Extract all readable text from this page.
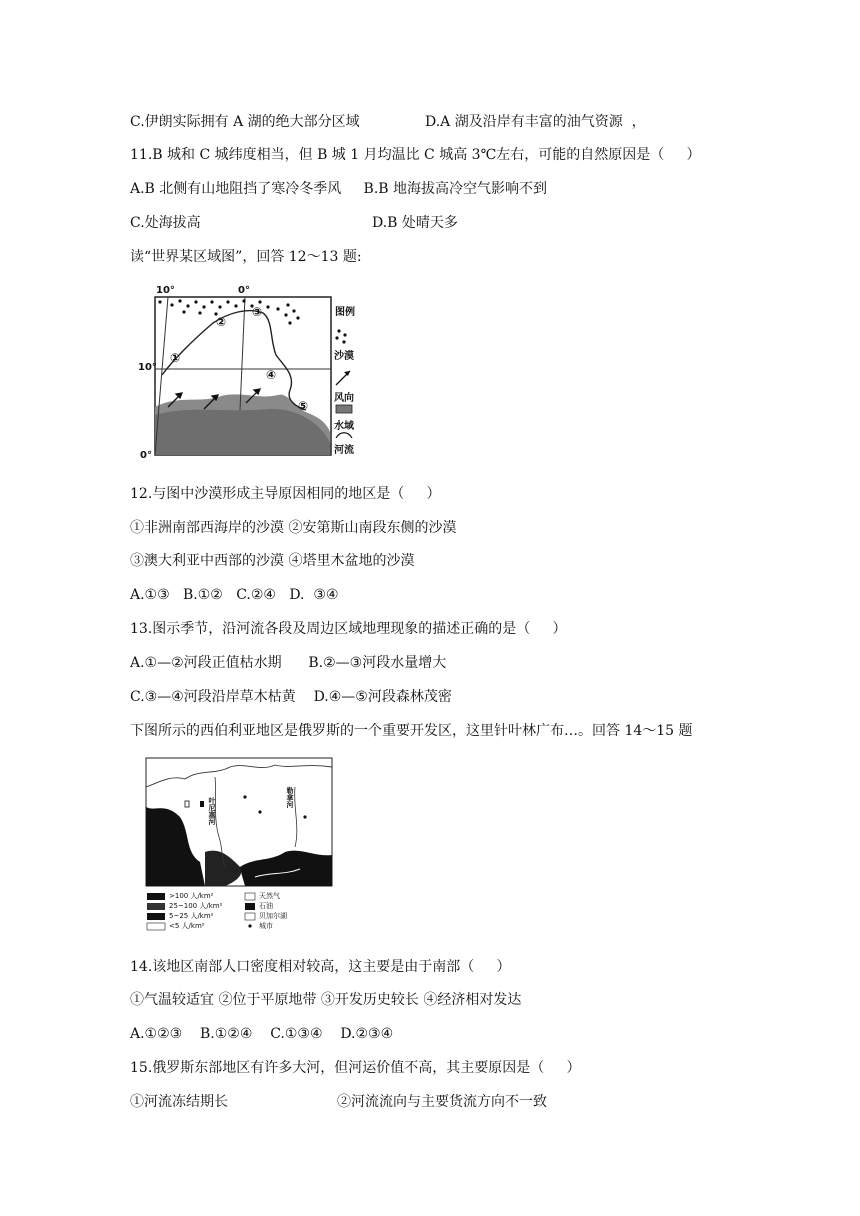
C.伊朗实际拥有 A 湖的绝大部分区域	D.A 湖及沿岸有丰富的油气资源  ，
11.B 城和 C 城纬度相当，但 B 城 1 月均温比 C 城高 3℃左右，可能的自然原因是（     ）
A.B 北侧有山地阻挡了寒冷冬季风     B.B 地海拔高冷空气影响不到
C.处海拔高	D.B 处晴天多
读“世界某区域图”，回答 12～13 题:
10°	0°
10°
0°
①
②
③
④
⑤
图例
沙漠
风向
水域
河流
12.与图中沙漠形成主导原因相同的地区是（     ）
①非洲南部西海岸的沙漠 ②安第斯山南段东侧的沙漠
③澳大利亚中西部的沙漠 ④塔里木盆地的沙漠
A.①③   B.①②   C.②④   D.  ③④
13.图示季节，沿河流各段及周边区域地理现象的描述正确的是（     ）
A.①—②河段正值枯水期      B.②—③河段水量增大
C.③—④河段沿岸草木枯黄    D.④—⑤河段森林茂密
下图所示的西伯利亚地区是俄罗斯的一个重要开发区，这里针叶林广布…。回答 14～15 题
叶尼塞河	勒拿河
>100 人/km²
25~100 人/km²
5~25 人/km²
<5 人/km²
天然气
石油
贝加尔湖
城市
14.该地区南部人口密度相对较高，这主要是由于南部（     ）
①气温较适宜 ②位于平原地带 ③开发历史较长 ④经济相对发达
A.①②③    B.①②④    C.①③④    D.②③④
15.俄罗斯东部地区有许多大河，但河运价值不高，其主要原因是（     ）
①河流冻结期长	②河流流向与主要货流方向不一致
